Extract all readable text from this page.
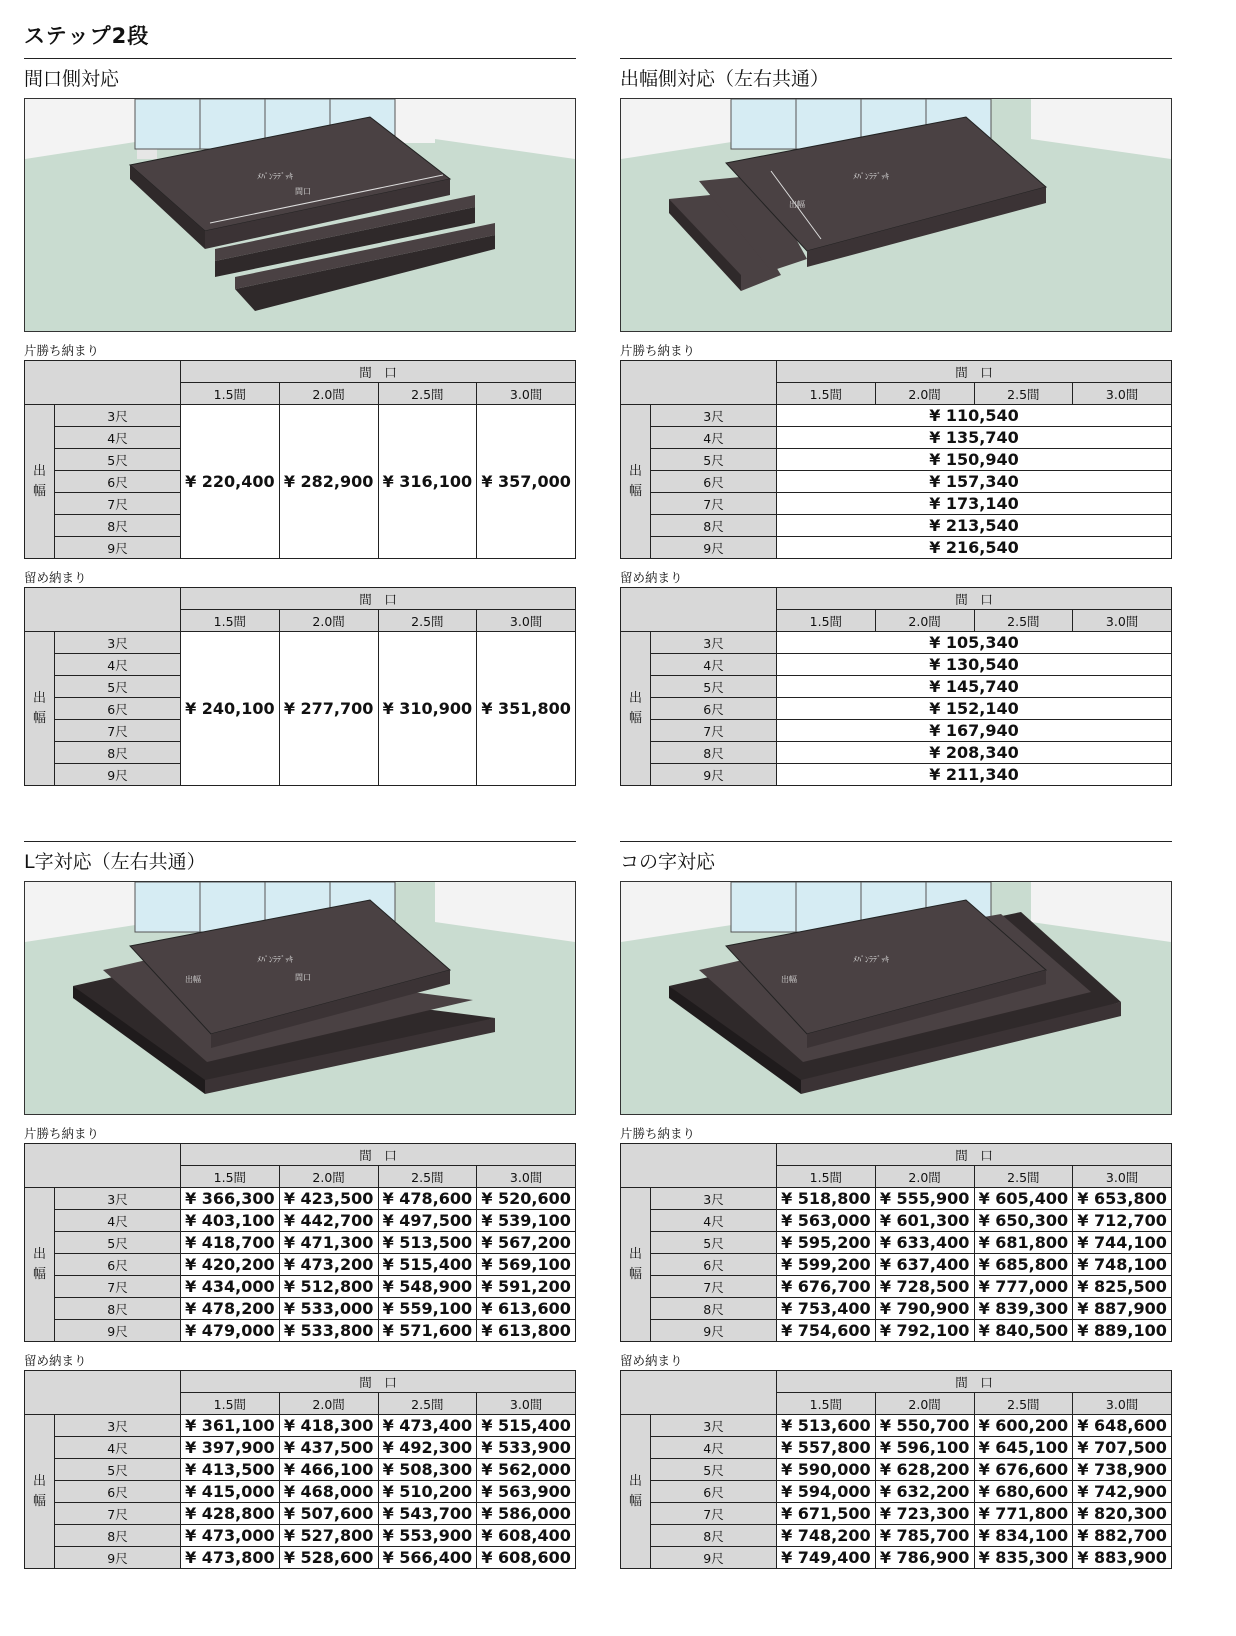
ステップ2段
間口側対応
ﾒﾊﾟﾝﾗﾃﾞｯｷ
間口
片勝ち納まり
		間　口			
		1.5間	2.0間	2.5間	3.0間
出
幅	3尺	¥ 220,400	¥ 282,900	¥ 316,100	¥ 357,000
	4尺				
	5尺				
	6尺				
	7尺				
	8尺				
	9尺				
留め納まり
		間　口			
		1.5間	2.0間	2.5間	3.0間
出
幅	3尺	¥ 240,100	¥ 277,700	¥ 310,900	¥ 351,800
	4尺				
	5尺				
	6尺				
	7尺				
	8尺				
	9尺				
出幅側対応（左右共通）
ﾒﾊﾟﾝﾗﾃﾞｯｷ
出幅
片勝ち納まり
		間　口			
		1.5間	2.0間	2.5間	3.0間
出
幅	3尺	¥ 110,540			
	4尺	¥ 135,740			
	5尺	¥ 150,940			
	6尺	¥ 157,340			
	7尺	¥ 173,140			
	8尺	¥ 213,540			
	9尺	¥ 216,540			
留め納まり
		間　口			
		1.5間	2.0間	2.5間	3.0間
出
幅	3尺	¥ 105,340			
	4尺	¥ 130,540			
	5尺	¥ 145,740			
	6尺	¥ 152,140			
	7尺	¥ 167,940			
	8尺	¥ 208,340			
	9尺	¥ 211,340			
L字対応（左右共通）
ﾒﾊﾟﾝﾗﾃﾞｯｷ
間口
出幅
片勝ち納まり
		間　口			
		1.5間	2.0間	2.5間	3.0間
出
幅	3尺	¥ 366,300	¥ 423,500	¥ 478,600	¥ 520,600
	4尺	¥ 403,100	¥ 442,700	¥ 497,500	¥ 539,100
	5尺	¥ 418,700	¥ 471,300	¥ 513,500	¥ 567,200
	6尺	¥ 420,200	¥ 473,200	¥ 515,400	¥ 569,100
	7尺	¥ 434,000	¥ 512,800	¥ 548,900	¥ 591,200
	8尺	¥ 478,200	¥ 533,000	¥ 559,100	¥ 613,600
	9尺	¥ 479,000	¥ 533,800	¥ 571,600	¥ 613,800
留め納まり
		間　口			
		1.5間	2.0間	2.5間	3.0間
出
幅	3尺	¥ 361,100	¥ 418,300	¥ 473,400	¥ 515,400
	4尺	¥ 397,900	¥ 437,500	¥ 492,300	¥ 533,900
	5尺	¥ 413,500	¥ 466,100	¥ 508,300	¥ 562,000
	6尺	¥ 415,000	¥ 468,000	¥ 510,200	¥ 563,900
	7尺	¥ 428,800	¥ 507,600	¥ 543,700	¥ 586,000
	8尺	¥ 473,000	¥ 527,800	¥ 553,900	¥ 608,400
	9尺	¥ 473,800	¥ 528,600	¥ 566,400	¥ 608,600
コの字対応
ﾒﾊﾟﾝﾗﾃﾞｯｷ
出幅
片勝ち納まり
		間　口			
		1.5間	2.0間	2.5間	3.0間
出
幅	3尺	¥ 518,800	¥ 555,900	¥ 605,400	¥ 653,800
	4尺	¥ 563,000	¥ 601,300	¥ 650,300	¥ 712,700
	5尺	¥ 595,200	¥ 633,400	¥ 681,800	¥ 744,100
	6尺	¥ 599,200	¥ 637,400	¥ 685,800	¥ 748,100
	7尺	¥ 676,700	¥ 728,500	¥ 777,000	¥ 825,500
	8尺	¥ 753,400	¥ 790,900	¥ 839,300	¥ 887,900
	9尺	¥ 754,600	¥ 792,100	¥ 840,500	¥ 889,100
留め納まり
		間　口			
		1.5間	2.0間	2.5間	3.0間
出
幅	3尺	¥ 513,600	¥ 550,700	¥ 600,200	¥ 648,600
	4尺	¥ 557,800	¥ 596,100	¥ 645,100	¥ 707,500
	5尺	¥ 590,000	¥ 628,200	¥ 676,600	¥ 738,900
	6尺	¥ 594,000	¥ 632,200	¥ 680,600	¥ 742,900
	7尺	¥ 671,500	¥ 723,300	¥ 771,800	¥ 820,300
	8尺	¥ 748,200	¥ 785,700	¥ 834,100	¥ 882,700
	9尺	¥ 749,400	¥ 786,900	¥ 835,300	¥ 883,900
